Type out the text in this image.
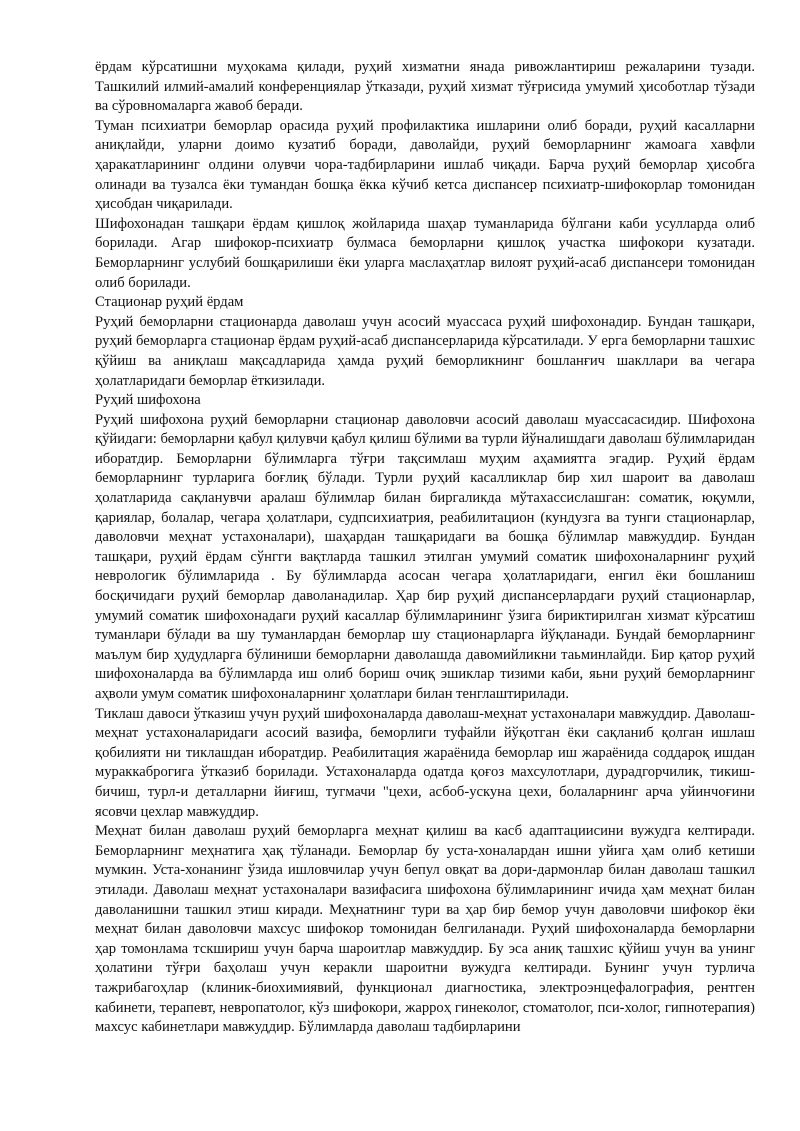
ёрдам кўрсатишни муҳокама қилади, руҳий хизматни янада ривожлантириш режаларини тузади. Ташкилий илмий-амалий конференциялар ўтказади, руҳий хизмат тўғрисида умумий ҳисоботлар тўзади ва сўровномаларга жавоб беради.

Туман психиатри беморлар орасида руҳий профилактика ишларини олиб боради, руҳий касалларни аниқлайди, уларни доимо кузатиб боради, даволайди, руҳий беморларнинг жамоага хавфли ҳаракатларининг олдини олувчи чора-тадбирларини ишлаб чиқади. Барча руҳий беморлар ҳисобга олинади ва тузалса ёки тумандан бошқа ёкка кўчиб кетса диспансер психиатр-шифокорлар томонидан ҳисобдан чиқарилади.

Шифохонадан ташқари ёрдам қишлоқ жойларида шаҳар туманларида бўлгани каби усулларда олиб борилади. Агар шифокор-психиатр булмаса беморларни қишлоқ участка шифокори кузатади. Беморларнинг услубий бошқарилиши ёки уларга маслаҳатлар вилоят руҳий-асаб диспансери томонидан олиб борилади.

Стационар руҳий ёрдам

Руҳий беморларни стационарда даволаш учун асосий муассаса руҳий шифохонадир. Бундан ташқари, руҳий беморларга стационар ёрдам руҳий-асаб диспансерларида кўрсатилади. У ерга беморларни ташхис қўйиш ва аниқлаш мақсадларида ҳамда руҳий беморликнинг бошланғич шакллари ва чегара ҳолатларидаги беморлар ёткизилади.

Руҳий шифохона

Руҳий шифохона руҳий беморларни стационар даволовчи асосий даволаш муассасасидир. Шифохона қўйидаги: беморларни қабул қилувчи қабул қилиш бўлими ва турли йўналишдаги даволаш бўлимларидан иборатдир. Беморларни бўлимларга тўғри тақсимлаш муҳим аҳамиятга эгадир. Руҳий ёрдам беморларнинг турларига боғлиқ бўлади. Турли руҳий касалликлар бир хил шароит ва даволаш ҳолатларида сақланувчи аралаш бўлимлар билан биргаликда мўтахассислашган: соматик, юқумли, қариялар, болалар, чегара ҳолатлари, судпсихиатрия, реабилитацион (кундузга ва тунги стационарлар, даволовчи меҳнат устахоналари), шаҳардан ташқаридаги ва бошқа бўлимлар мавжуддир. Бундан ташқари, руҳий ёрдам сўнгги вақтларда ташкил этилган умумий соматик шифохоналарнинг руҳий неврологик бўлимларида . Бу бўлимларда асосан чегара ҳолатларидаги, енгил ёки бошланиш босқичидаги руҳий беморлар даволанадилар. Ҳар бир руҳий диспансерлардаги руҳий стационарлар, умумий соматик шифохонадаги руҳий касаллар бўлимларининг ўзига бириктирилган хизмат кўрсатиш туманлари бўлади ва шу туманлардан беморлар шу стационарларга йўқланади. Бундай беморларнинг маълум бир ҳудудларга бўлиниши беморларни даволашда давомийликни таьминлайди. Бир қатор руҳий шифохоналарда ва бўлимларда иш олиб бориш очиқ эшиклар тизими каби, яьни руҳий беморларнинг аҳволи умум соматик шифохоналарнинг ҳолатлари билан тенглаштирилади.

Тиклаш давоси ўтказиш учун руҳий шифохоналарда даволаш-меҳнат устахоналари мавжуддир. Даволаш-меҳнат устахоналаридаги асосий вазифа, беморлиги туфайли йўқотган ёки сақланиб қолган ишлаш қобилияти ни тиклашдан иборатдир. Реабилитация жараёнида беморлар иш жараёнида соддароқ ишдан мураккаброгига ўтказиб борилади. Устахоналарда одатда қоғоз махсулотлари, дурадгорчилик, тикиш-бичиш, турл-и деталларни йиғиш, тугмачи "цехи, асбоб-ускуна цехи, болаларнинг арча уйинчоғини ясовчи цехлар мавжуддир.

Меҳнат билан даволаш руҳий беморларга меҳнат қилиш ва касб адаптациисини вужудга келтиради. Беморларнинг меҳнатига ҳақ тўланади. Беморлар бу уста-хоналардан ишни уйига ҳам олиб кетиши мумкин. Уста-хонанинг ўзида ишловчилар учун бепул овқат ва дори-дармонлар билан даволаш ташкил этилади. Даволаш меҳнат устахоналари вазифасига шифохона бўлимларининг ичида ҳам меҳнат билан даволанишни ташкил этиш киради. Меҳнатнинг тури ва ҳар бир бемор учун даволовчи шифокор ёки меҳнат билан даволовчи махсус шифокор томонидан белгиланади. Руҳий шифохоналарда беморларни ҳар томонлама тскшириш учун барча шароитлар мавжуддир. Бу эса аниқ ташхис қўйиш учун ва унинг ҳолатини тўғри баҳолаш учун керакли шароитни вужудга келтиради. Бунинг учун турлича тажрибагоҳлар (клиник-биохимиявий, функционал диагностика, электроэнцефалография, рентген кабинети, терапевт, невропатолог, кўз шифокори, жарроҳ гинеколог, стоматолог, пси-холог, гипнотерапия) махсус кабинетлари мавжуддир. Бўлимларда даволаш тадбирларини
